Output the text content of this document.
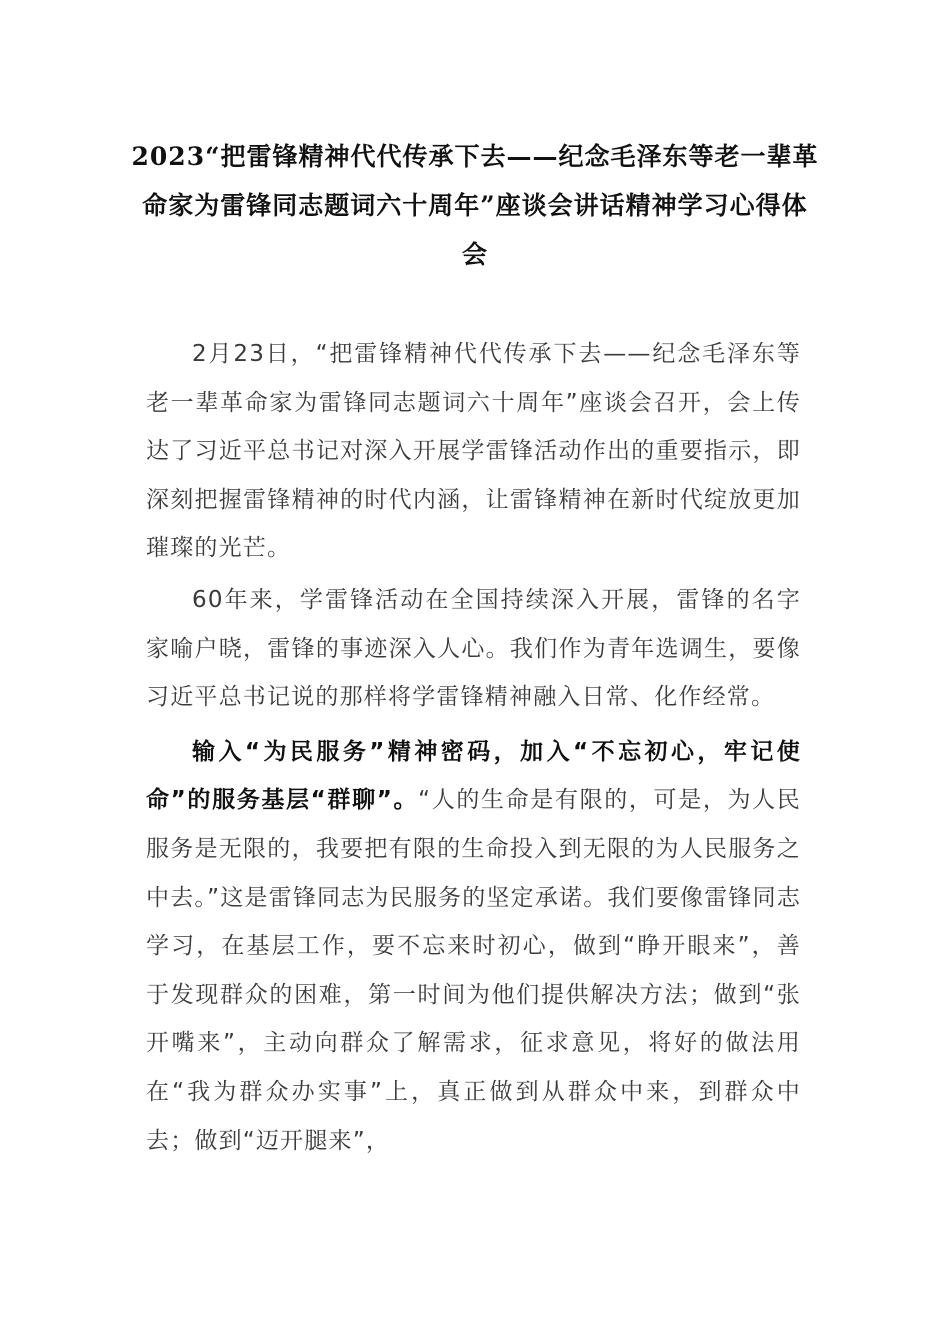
2023“把雷锋精神代代传承下去——纪念毛泽东等老一辈革命家为雷锋同志题词六十周年”座谈会讲话精神学习心得体会

2月23日，“把雷锋精神代代传承下去——纪念毛泽东等老一辈革命家为雷锋同志题词六十周年”座谈会召开，会上传达了习近平总书记对深入开展学雷锋活动作出的重要指示，即深刻把握雷锋精神的时代内涵，让雷锋精神在新时代绽放更加璀璨的光芒。

60年来，学雷锋活动在全国持续深入开展，雷锋的名字家喻户晓，雷锋的事迹深入人心。我们作为青年选调生，要像习近平总书记说的那样将学雷锋精神融入日常、化作经常。

输入“为民服务”精神密码，加入“不忘初心，牢记使命”的服务基层“群聊”。“人的生命是有限的，可是，为人民服务是无限的，我要把有限的生命投入到无限的为人民服务之中去。”这是雷锋同志为民服务的坚定承诺。我们要像雷锋同志学习，在基层工作，要不忘来时初心，做到“睁开眼来”，善于发现群众的困难，第一时间为他们提供解决方法；做到“张开嘴来”，主动向群众了解需求，征求意见，将好的做法用在“我为群众办实事”上，真正做到从群众中来，到群众中去；做到“迈开腿来”，
